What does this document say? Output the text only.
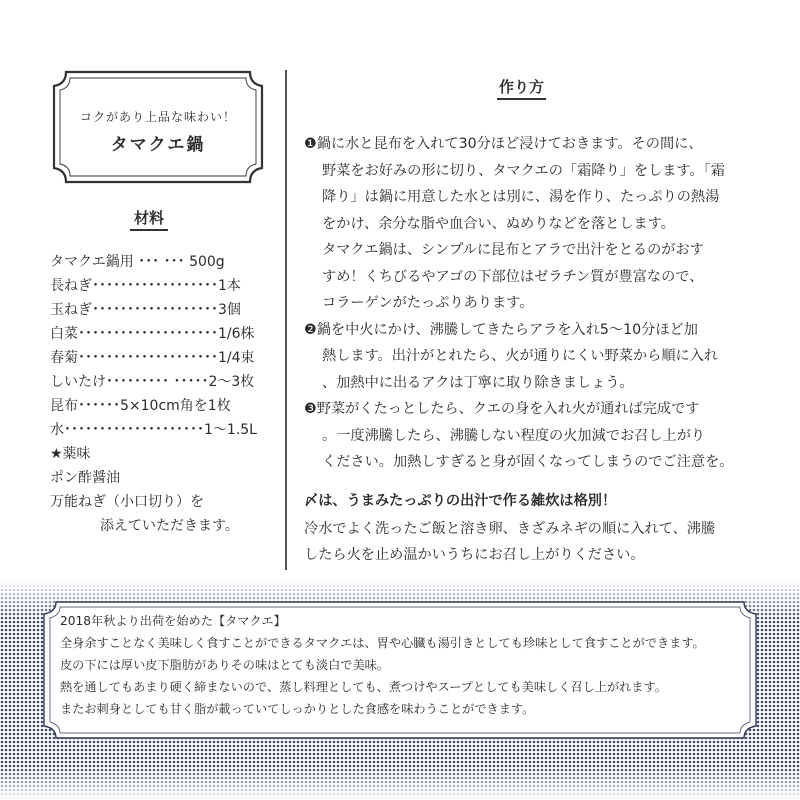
コクがあり上品な味わい！
タマクエ鍋
材料
タマクエ鍋用 ･･･ ･･･ 500g
長ねぎ･･････････････････1本
玉ねぎ･･････････････････3個
白菜････････････････････1/6株
春菊････････････････････1/4束
しいたけ･････････ ･････2～3枚
昆布･･････5×10cm角を1枚
水････････････････････1～1.5L
★薬味
ポン酢醤油
万能ねぎ（小口切り）を
添えていただきます。
作り方
❶鍋に水と昆布を入れて30分ほど浸けておきます。その間に、
野菜をお好みの形に切り、タマクエの「霜降り」をします。「霜
降り」は鍋に用意した水とは別に、湯を作り、たっぷりの熱湯
をかけ、余分な脂や血合い、ぬめりなどを落とします。
タマクエ鍋は、シンプルに昆布とアラで出汁をとるのがおす
すめ！くちびるやアゴの下部位はゼラチン質が豊富なので、
コラーゲンがたっぷりあります。
❷鍋を中火にかけ、沸騰してきたらアラを入れ5～10分ほど加
熱します。出汁がとれたら、火が通りにくい野菜から順に入れ
、加熱中に出るアクは丁寧に取り除きましょう。
❸野菜がくたっとしたら、クエの身を入れ火が通れば完成です
。一度沸騰したら、沸騰しない程度の火加減でお召し上がり
ください。加熱しすぎると身が固くなってしまうのでご注意を。
〆は、うまみたっぷりの出汁で作る雑炊は格別！
冷水でよく洗ったご飯と溶き卵、きざみネギの順に入れて、沸騰
したら火を止め温かいうちにお召し上がりください。
2018年秋より出荷を始めた【タマクエ】
全身余すことなく美味しく食すことができるタマクエは、胃や心臓も湯引きとしても珍味として食すことができます。
皮の下には厚い皮下脂肪がありその味はとても淡白で美味。
熱を通してもあまり硬く締まないので、蒸し料理としても、煮つけやスープとしても美味しく召し上がれます。
またお刺身としても甘く脂が載っていてしっかりとした食感を味わうことができます。
